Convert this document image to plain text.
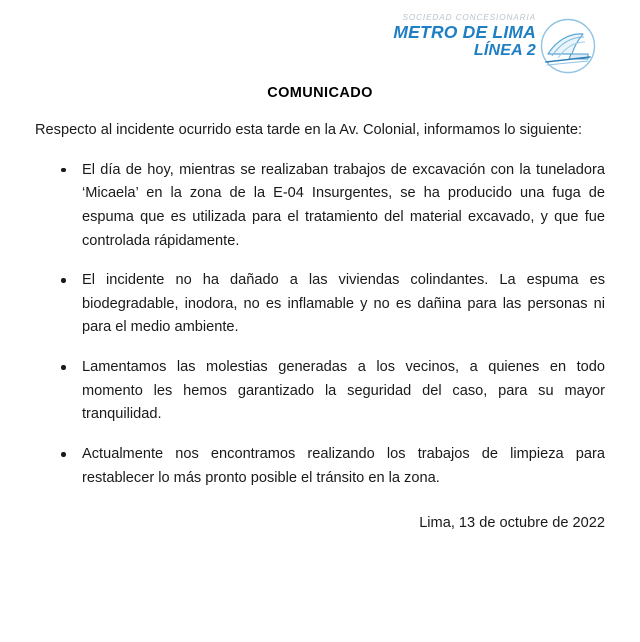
SOCIEDAD CONCESIONARIA
METRO DE LIMA
LÍNEA 2
COMUNICADO

Respecto al incidente ocurrido esta tarde en la Av. Colonial, informamos lo siguiente:

El día de hoy, mientras se realizaban trabajos de excavación con la tuneladora ‘Micaela’ en la zona de la E-04 Insurgentes, se ha producido una fuga de espuma que es utilizada para el tratamiento del material excavado, y que fue controlada rápidamente.
El incidente no ha dañado a las viviendas colindantes. La espuma es biodegradable, inodora, no es inflamable y no es dañina para las personas ni para el medio ambiente.
Lamentamos las molestias generadas a los vecinos, a quienes en todo momento les hemos garantizado la seguridad del caso, para su mayor tranquilidad.
Actualmente nos encontramos realizando los trabajos de limpieza para restablecer lo más pronto posible el tránsito en la zona.
Lima, 13 de octubre de 2022
